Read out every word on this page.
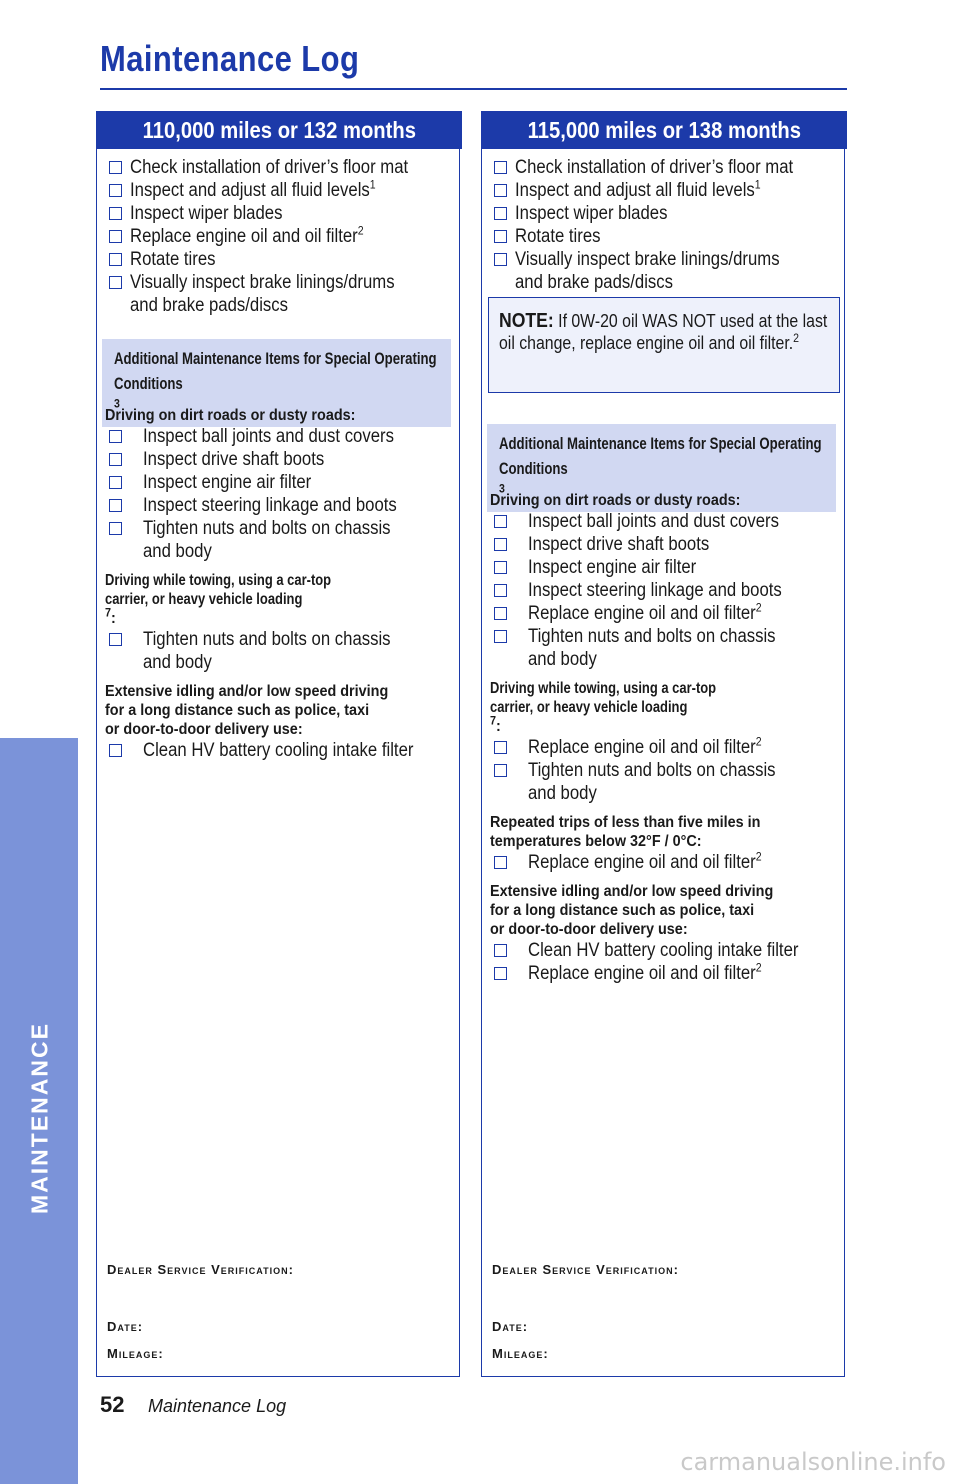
MAINTENANCE
Maintenance Log
110,000 miles or 132 months
Check installation of driver’s floor mat
Inspect and adjust all fluid levels$^1$
Inspect wiper blades
Replace engine oil and oil filter$^2$
Rotate tires
Visually inspect brake linings/drums
and brake pads/discs
Additional Maintenance Items for Special Operating Conditions$^3$
Driving on dirt roads or dusty roads:
Inspect ball joints and dust covers
Inspect drive shaft boots
Inspect engine air filter
Inspect steering linkage and boots
Tighten nuts and bolts on chassis
and body
Driving while towing, using a car-top
carrier, or heavy vehicle loading$^7$:
Tighten nuts and bolts on chassis
and body
Extensive idling and/or low speed driving
for a long distance such as police, taxi
or door-to-door delivery use:
Clean HV battery cooling intake filter
Dealer Service Verification:
Date:
Mileage:
115,000 miles or 138 months
Check installation of driver’s floor mat
Inspect and adjust all fluid levels$^1$
Inspect wiper blades
Rotate tires
Visually inspect brake linings/drums
and brake pads/discs
NOTE: If 0W-20 oil WAS NOT used at the last oil change, replace engine oil and oil filter.$^2$
Additional Maintenance Items for Special Operating Conditions$^3$
Driving on dirt roads or dusty roads:
Inspect ball joints and dust covers
Inspect drive shaft boots
Inspect engine air filter
Inspect steering linkage and boots
Replace engine oil and oil filter$^2$
Tighten nuts and bolts on chassis
and body
Driving while towing, using a car-top
carrier, or heavy vehicle loading$^7$:
Replace engine oil and oil filter$^2$
Tighten nuts and bolts on chassis
and body
Repeated trips of less than five miles in
temperatures below 32°F / 0°C:
Replace engine oil and oil filter$^2$
Extensive idling and/or low speed driving
for a long distance such as police, taxi
or door-to-door delivery use:
Clean HV battery cooling intake filter
Replace engine oil and oil filter$^2$
Dealer Service Verification:
Date:
Mileage:
52 Maintenance Log
carmanualsonline.info
